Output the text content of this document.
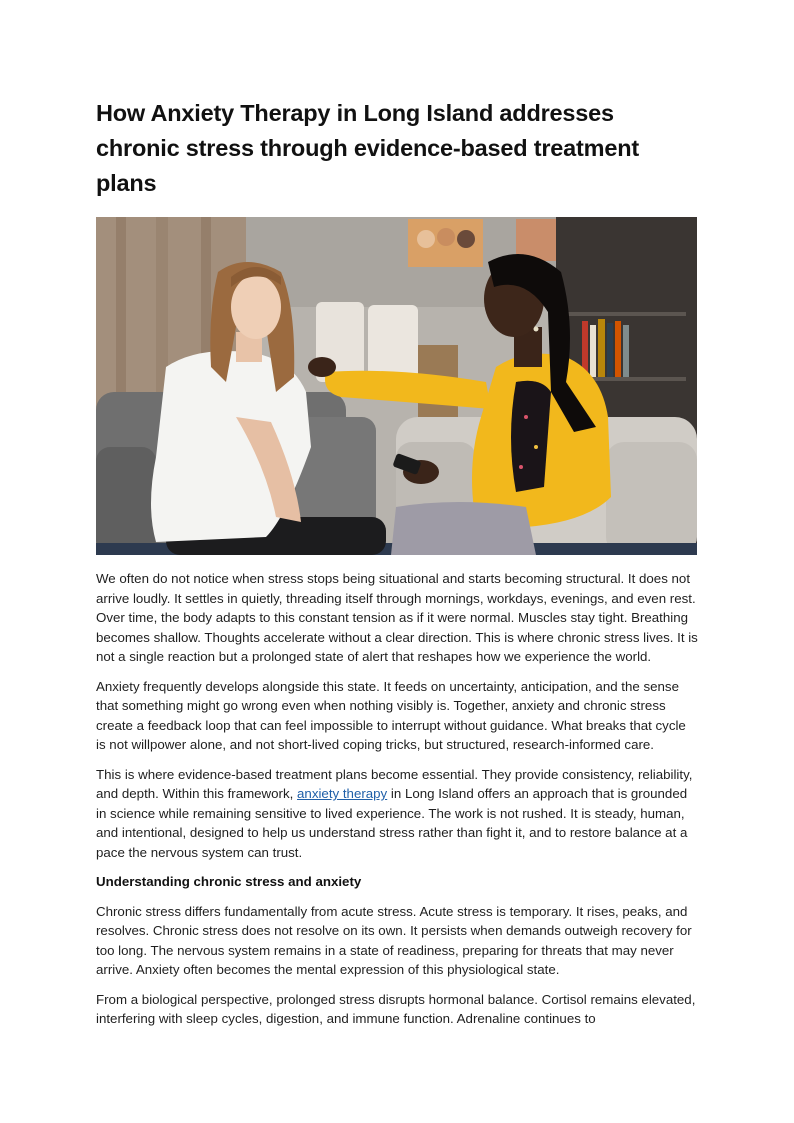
How Anxiety Therapy in Long Island addresses chronic stress through evidence-based treatment plans

We often do not notice when stress stops being situational and starts becoming structural. It does not arrive loudly. It settles in quietly, threading itself through mornings, workdays, evenings, and even rest. Over time, the body adapts to this constant tension as if it were normal. Muscles stay tight. Breathing becomes shallow. Thoughts accelerate without a clear direction. This is where chronic stress lives. It is not a single reaction but a prolonged state of alert that reshapes how we experience the world.

Anxiety frequently develops alongside this state. It feeds on uncertainty, anticipation, and the sense that something might go wrong even when nothing visibly is. Together, anxiety and chronic stress create a feedback loop that can feel impossible to interrupt without guidance. What breaks that cycle is not willpower alone, and not short-lived coping tricks, but structured, research-informed care.

This is where evidence-based treatment plans become essential. They provide consistency, reliability, and depth. Within this framework, anxiety therapy in Long Island offers an approach that is grounded in science while remaining sensitive to lived experience. The work is not rushed. It is steady, human, and intentional, designed to help us understand stress rather than fight it, and to restore balance at a pace the nervous system can trust.

Understanding chronic stress and anxiety

Chronic stress differs fundamentally from acute stress. Acute stress is temporary. It rises, peaks, and resolves. Chronic stress does not resolve on its own. It persists when demands outweigh recovery for too long. The nervous system remains in a state of readiness, preparing for threats that may never arrive. Anxiety often becomes the mental expression of this physiological state.

From a biological perspective, prolonged stress disrupts hormonal balance. Cortisol remains elevated, interfering with sleep cycles, digestion, and immune function. Adrenaline continues to
